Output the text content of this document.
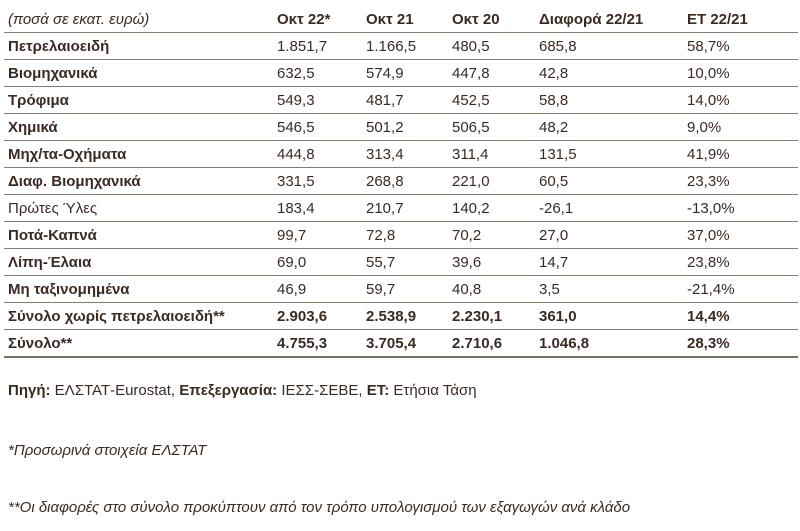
(ποσά σε εκατ. ευρώ)	Οκτ 22*	Οκτ 21	Οκτ 20	Διαφορά 22/21	ΕΤ 22/21
Πετρελαιοειδή	1.851,7	1.166,5	480,5	685,8	58,7%
Βιομηχανικά	632,5	574,9	447,8	42,8	10,0%
Τρόφιμα	549,3	481,7	452,5	58,8	14,0%
Χημικά	546,5	501,2	506,5	48,2	9,0%
Μηχ/τα-Οχήματα	444,8	313,4	311,4	131,5	41,9%
Διαφ. Βιομηχανικά	331,5	268,8	221,0	60,5	23,3%
Πρώτες Ύλες	183,4	210,7	140,2	-26,1	-13,0%
Ποτά-Καπνά	99,7	72,8	70,2	27,0	37,0%
Λίπη-Έλαια	69,0	55,7	39,6	14,7	23,8%
Μη ταξινομημένα	46,9	59,7	40,8	3,5	-21,4%
Σύνολο χωρίς πετρελαιοειδή**	2.903,6	2.538,9	2.230,1	361,0	14,4%
Σύνολο**	4.755,3	3.705,4	2.710,6	1.046,8	28,3%
Πηγή: ΕΛΣΤΑΤ-Eurostat, Επεξεργασία: ΙΕΣΣ-ΣΕΒΕ, ΕΤ: Ετήσια Τάση
*Προσωρινά στοιχεία ΕΛΣΤΑΤ
**Οι διαφορές στο σύνολο προκύπτουν από τον τρόπο υπολογισμού των εξαγωγών ανά κλάδο
